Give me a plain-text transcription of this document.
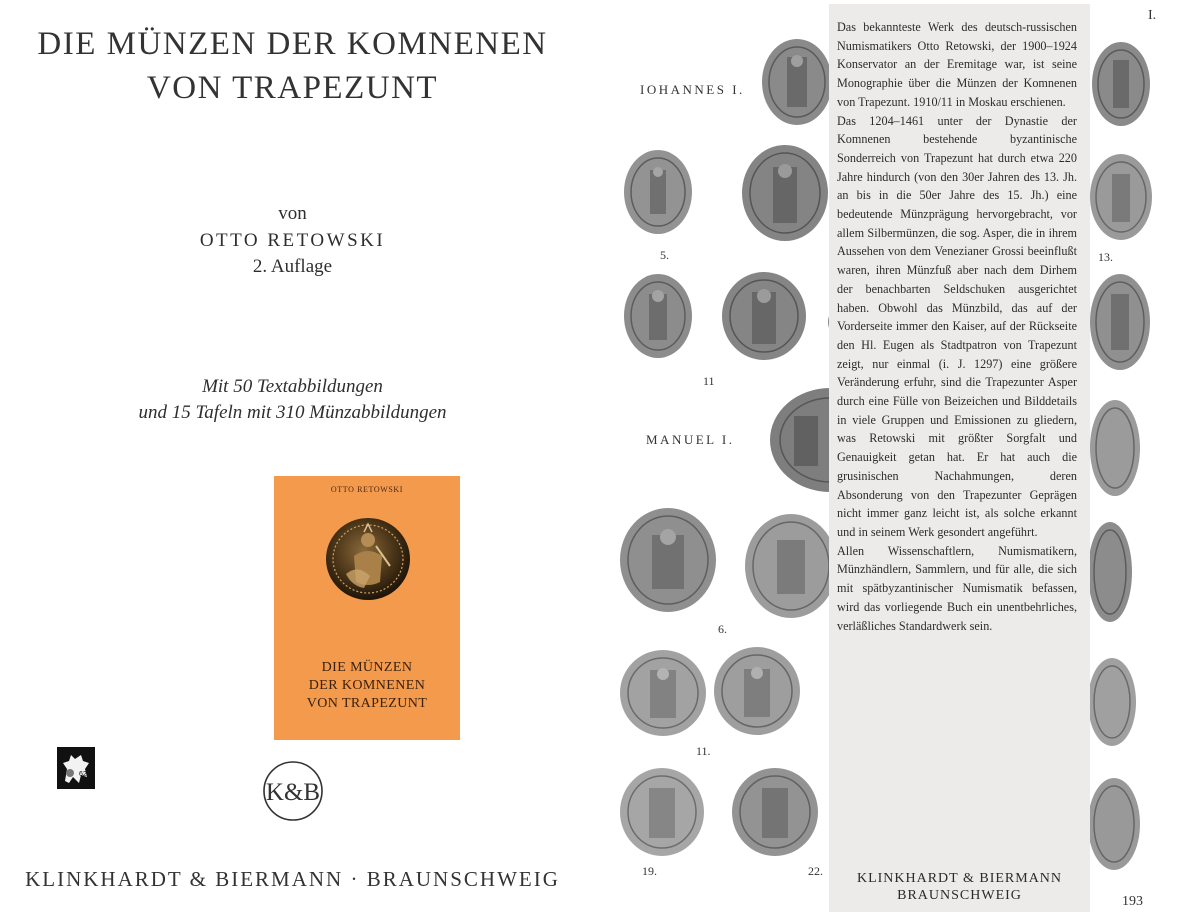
DIE MÜNZEN DER KOMNENEN
VON TRAPEZUNT
von
OTTO RETOWSKI
2. Auflage
Mit 50 Textabbildungen
und 15 Tafeln mit 310 Münzabbildungen
OTTO RETOWSKI
DIE MÜNZEN
DER KOMNENEN
VON TRAPEZUNT
62
K&B
KLINKHARDT & BIERMANN · BRAUNSCHWEIG
IOHANNES I.
MANUEL I.
I.
193
5.	13.
11
6.
11.
19.	22.

Das bekannteste Werk des deutsch-russischen Numismatikers Otto Retowski, der 1900–1924 Konservator an der Eremitage war, ist seine Monographie über die Münzen der Komnenen von Trapezunt. 1910/11 in Moskau erschienen.

Das 1204–1461 unter der Dynastie der Komnenen bestehende byzantinische Sonderreich von Trapezunt hat durch etwa 220 Jahre hindurch (von den 30er Jahren des 13. Jh. an bis in die 50er Jahre des 15. Jh.) eine bedeutende Münzprägung hervorgebracht, vor allem Silbermünzen, die sog. Asper, die in ihrem Aussehen von dem Venezianer Grossi beeinflußt waren, ihren Münzfuß aber nach dem Dirhem der benachbarten Seldschuken ausgerichtet haben. Obwohl das Münzbild, das auf der Vorderseite immer den Kaiser, auf der Rückseite den Hl. Eugen als Stadtpatron von Trapezunt zeigt, nur einmal (i. J. 1297) eine größere Veränderung erfuhr, sind die Trapezunter Asper durch eine Fülle von Beizeichen und Bilddetails in viele Gruppen und Emissionen zu gliedern, was Retowski mit größter Sorgfalt und Genauigkeit getan hat. Er hat auch die grusinischen Nachahmungen, deren Absonderung von den Trapezunter Geprägen nicht immer ganz leicht ist, als solche erkannt und in seinem Werk gesondert angeführt.

Allen Wissenschaftlern, Numismatikern, Münzhändlern, Sammlern, und für alle, die sich mit spätbyzantinischer Numismatik befassen, wird das vorliegende Buch ein unentbehrliches, verläßliches Standardwerk sein.

KLINKHARDT & BIERMANN
BRAUNSCHWEIG
